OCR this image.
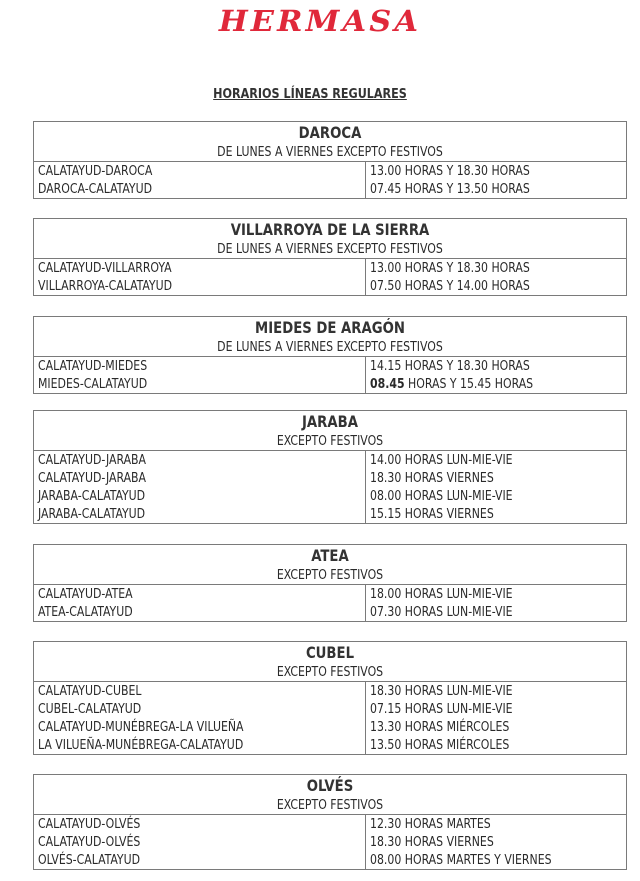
HERMASA
HORARIOS LÍNEAS REGULARES
DAROCA
DE LUNES A VIERNES EXCEPTO FESTIVOS
CALATAYUD-DAROCA	13.00 HORAS Y 18.30 HORAS
DAROCA-CALATAYUD	07.45 HORAS Y 13.50 HORAS
VILLARROYA DE LA SIERRA
DE LUNES A VIERNES EXCEPTO FESTIVOS
CALATAYUD-VILLARROYA	13.00 HORAS Y 18.30 HORAS
VILLARROYA-CALATAYUD	07.50 HORAS Y 14.00 HORAS
MIEDES DE ARAGÓN
DE LUNES A VIERNES EXCEPTO FESTIVOS
CALATAYUD-MIEDES	14.15 HORAS Y 18.30 HORAS
MIEDES-CALATAYUD	08.45 HORAS Y 15.45 HORAS
JARABA
EXCEPTO FESTIVOS
CALATAYUD-JARABA	14.00 HORAS LUN-MIE-VIE
CALATAYUD-JARABA	18.30 HORAS VIERNES
JARABA-CALATAYUD	08.00 HORAS LUN-MIE-VIE
JARABA-CALATAYUD	15.15 HORAS VIERNES
ATEA
EXCEPTO FESTIVOS
CALATAYUD-ATEA	18.00 HORAS LUN-MIE-VIE
ATEA-CALATAYUD	07.30 HORAS LUN-MIE-VIE
CUBEL
EXCEPTO FESTIVOS
CALATAYUD-CUBEL	18.30 HORAS LUN-MIE-VIE
CUBEL-CALATAYUD	07.15 HORAS LUN-MIE-VIE
CALATAYUD-MUNÉBREGA-LA VILUEÑA	13.30 HORAS MIÉRCOLES
LA VILUEÑA-MUNÉBREGA-CALATAYUD	13.50 HORAS MIÉRCOLES
OLVÉS
EXCEPTO FESTIVOS
CALATAYUD-OLVÉS	12.30 HORAS MARTES
CALATAYUD-OLVÉS	18.30 HORAS VIERNES
OLVÉS-CALATAYUD	08.00 HORAS MARTES Y VIERNES
